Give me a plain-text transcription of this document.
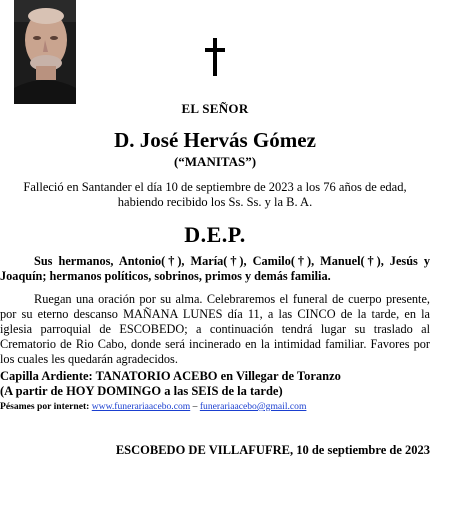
EL SEÑOR
D. José Hervás Gómez
(“MANITAS”)
Falleció en Santander el día 10 de septiembre de 2023 a los 76 años de edad,
habiendo recibido los Ss. Ss. y la B. A.
D.E.P.
Sus hermanos, Antonio(†), María(†), Camilo(†), Manuel(†), Jesús y Joaquín; hermanos políticos, sobrinos, primos y demás familia.
Ruegan una oración por su alma. Celebraremos el funeral de cuerpo presente, por su eterno descanso MAÑANA LUNES día 11, a las CINCO de la tarde, en la iglesia parroquial de ESCOBEDO; a continuación tendrá lugar su traslado al Crematorio de Rio Cabo, donde será incinerado en la intimidad familiar. Favores por los cuales les quedarán agradecidos.
Capilla Ardiente: TANATORIO ACEBO en Villegar de Toranzo
(A partir de HOY DOMINGO a las SEIS de la tarde)
Pésames por internet: www.funerariaacebo.com – funerariaacebo@gmail.com
ESCOBEDO DE VILLAFUFRE, 10 de septiembre de 2023
